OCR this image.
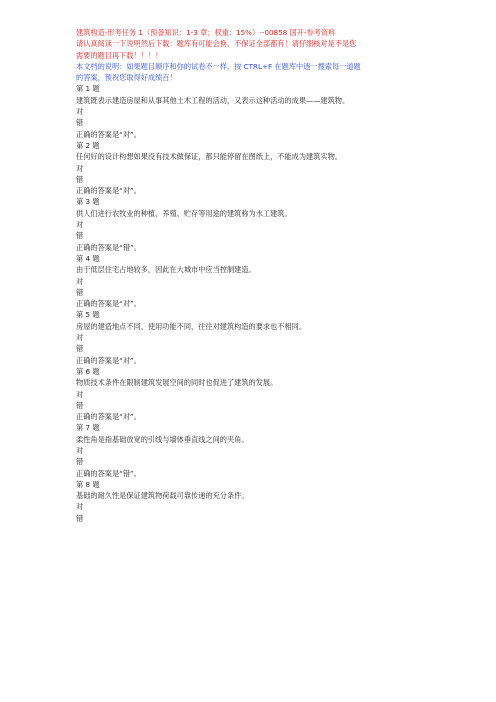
建筑构造-形考任务 1（预备知识：1-3 章；权重：15%）--00858 国开-参考资料
请认真阅读一下说明然后下载：题库有可能会换，不保证全部都有！请仔细核对是不是您
需要的题目再下载！！！！
本文档的说明：如果题目顺序和你的试卷不一样，按 CTRL+F 在题库中逐一搜索每一道题
的答案，预祝您取得好成绩百！
第 1 题
建筑既表示建造房屋和从事其他土木工程的活动，又表示这种活动的成果——建筑物。
对
错
正确的答案是“对”。
第 2 题
任何好的设计构想如果没有技术做保证，都只能停留在图纸上，不能成为建筑实物。
对
错
正确的答案是“对”。
第 3 题
供人们进行农牧业的种植、养殖、贮存等用途的建筑称为水工建筑。
对
错
正确的答案是“错”。
第 4 题
由于低层住宅占地较多，因此在大城市中应当控制建造。
对
错
正确的答案是“对”。
第 5 题
房屋的建造地点不同、使用功能不同，往往对建筑构造的要求也不相同。
对
错
正确的答案是“对”。
第 6 题
物质技术条件在限制建筑发展空间的同时也促进了建筑的发展。
对
错
正确的答案是“对”。
第 7 题
柔性角是指基础放宽的引线与墙体垂直线之间的夹角。
对
错
正确的答案是“错”。
第 8 题
基础的耐久性是保证建筑物荷载可靠传递的充分条件。
对
错
